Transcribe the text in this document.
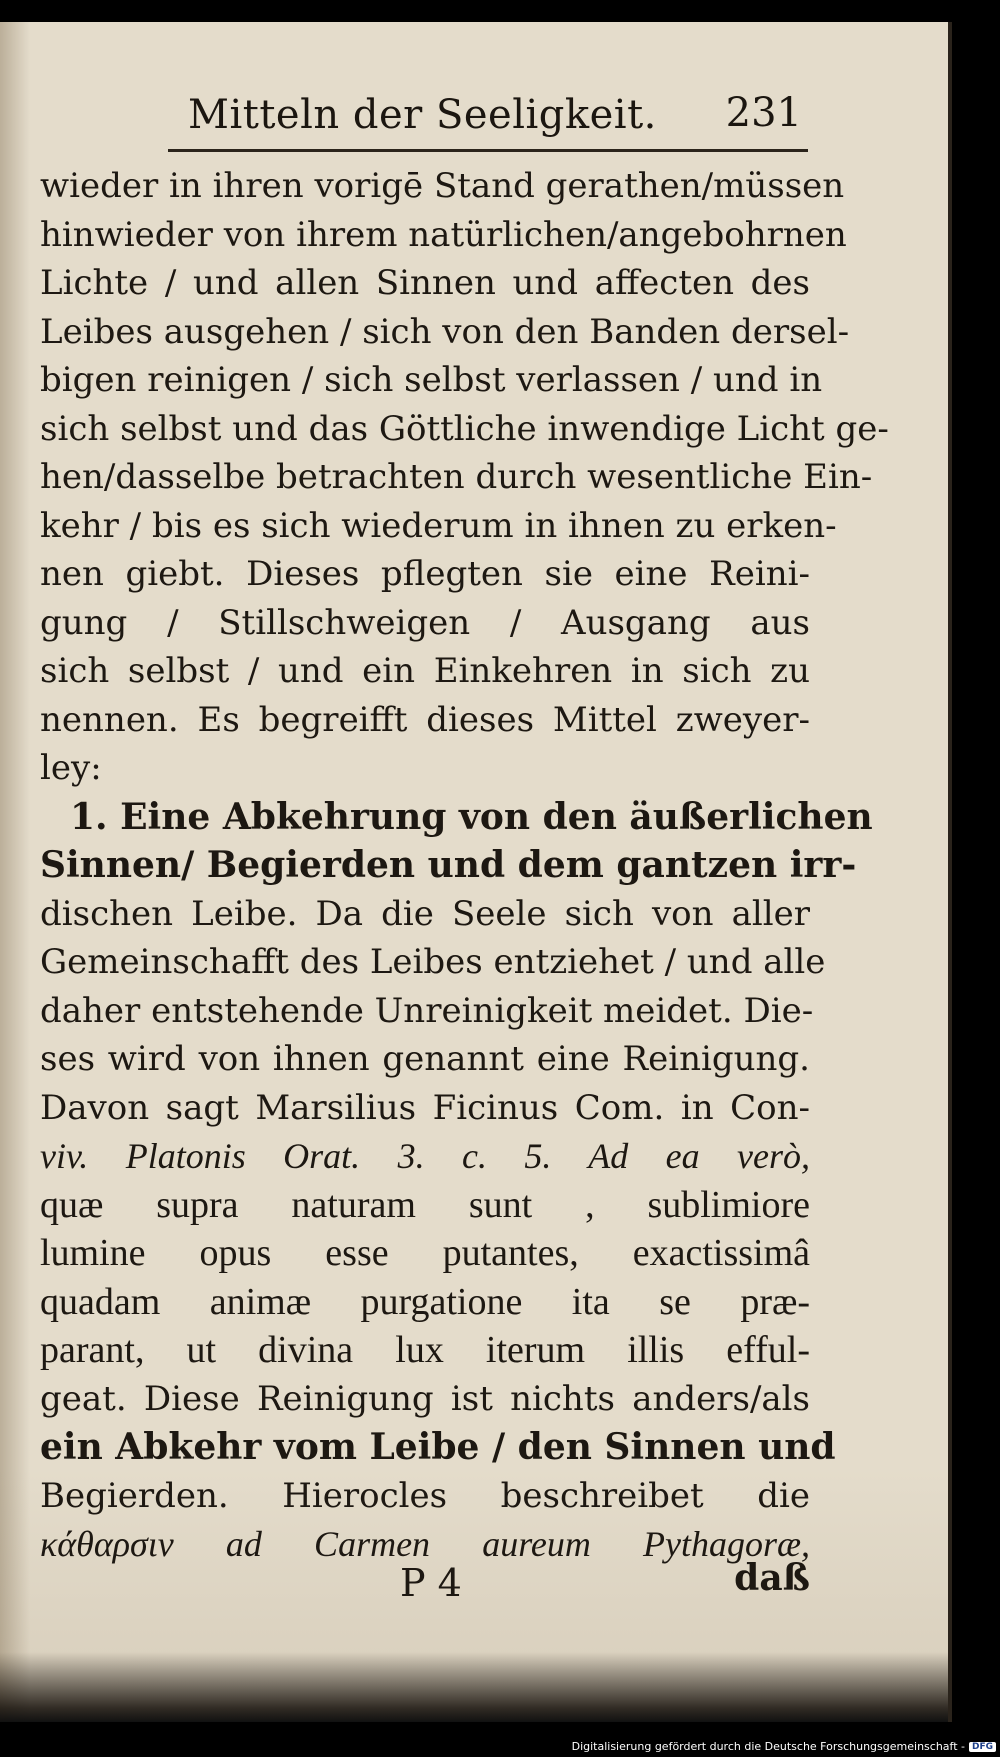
Mitteln der Seeligkeit. 231
wieder in ihren vorigē Stand gerathen/müssen
hinwieder von ihrem natürlichen/angebohrnen
Lichte / und allen Sinnen und affecten des
Leibes ausgehen / sich von den Banden dersel-
bigen reinigen / sich selbst verlassen / und in
sich selbst und das Göttliche inwendige Licht ge-
hen/dasselbe betrachten durch wesentliche Ein-
kehr / bis es sich wiederum in ihnen zu erken-
nen giebt. Dieses pflegten sie eine Reini-
gung / Stillschweigen / Ausgang aus
sich selbst / und ein Einkehren in sich zu
nennen. Es begreifft dieses Mittel zweyer-
ley:
1. Eine Abkehrung von den äußerlichen
Sinnen/ Begierden und dem gantzen irr-
dischen Leibe. Da die Seele sich von aller
Gemeinschafft des Leibes entziehet / und alle
daher entstehende Unreinigkeit meidet. Die-
ses wird von ihnen genannt eine Reinigung.
Davon sagt Marsilius Ficinus Com. in Con-
viv. Platonis Orat. 3. c. 5. Ad ea verò,
quæ supra naturam sunt , sublimiore
lumine opus esse putantes, exactissimâ
quadam animæ purgatione ita se præ-
parant, ut divina lux iterum illis efful-
geat. Diese Reinigung ist nichts anders/als
ein Abkehr vom Leibe / den Sinnen und
Begierden. Hierocles beschreibet die
κάθαρσιν ad Carmen aureum Pythagoræ,
P 4	daß
Digitalisierung gefördert durch die Deutsche Forschungsgemeinschaft - DFG
